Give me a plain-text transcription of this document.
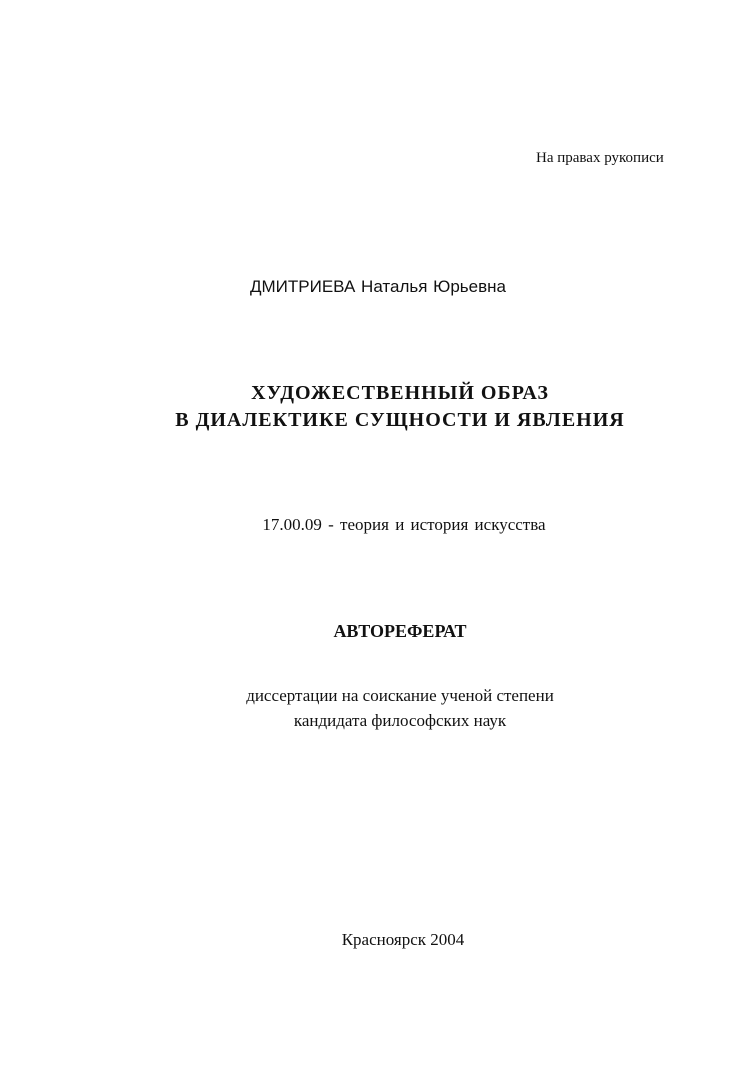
На правах рукописи
ДМИТРИЕВА Наталья Юрьевна
ХУДОЖЕСТВЕННЫЙ ОБРАЗ
В ДИАЛЕКТИКЕ СУЩНОСТИ И ЯВЛЕНИЯ
17.00.09 - теория и история искусства
АВТОРЕФЕРАТ
диссертации на соискание ученой степени
кандидата философских наук
Красноярск 2004
